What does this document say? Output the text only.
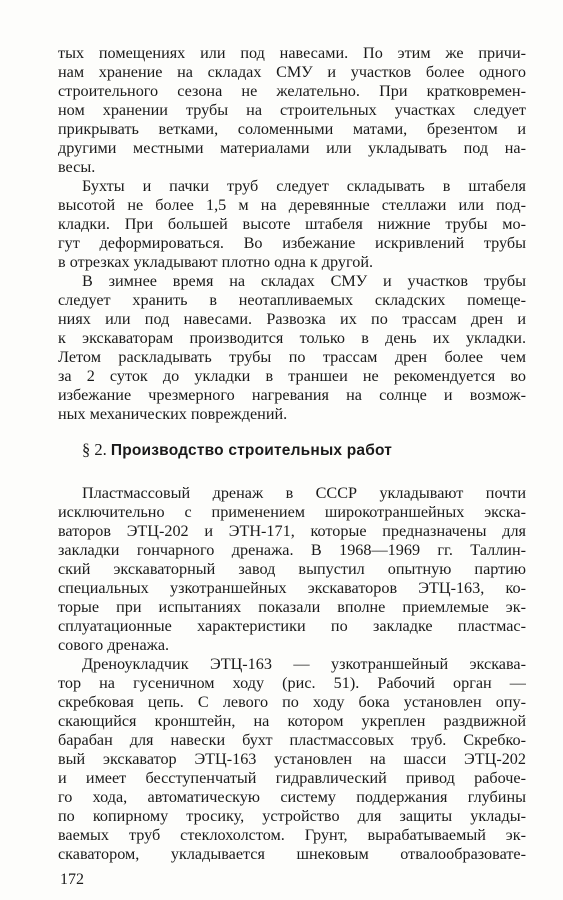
тых помещениях или под навесами. По этим же причи-
нам хранение на складах СМУ и участков более одного
строительного сезона не желательно. При кратковремен-
ном хранении трубы на строительных участках следует
прикрывать ветками, соломенными матами, брезентом и
другими местными материалами или укладывать под на-
весы.
Бухты и пачки труб следует складывать в штабеля
высотой не более 1,5 м на деревянные стеллажи или под-
кладки. При большей высоте штабеля нижние трубы мо-
гут деформироваться. Во избежание искривлений трубы
в отрезках укладывают плотно одна к другой.
В зимнее время на складах СМУ и участков трубы
следует хранить в неотапливаемых складских помеще-
ниях или под навесами. Развозка их по трассам дрен и
к экскаваторам производится только в день их укладки.
Летом раскладывать трубы по трассам дрен более чем
за 2 суток до укладки в траншеи не рекомендуется во
избежание чрезмерного нагревания на солнце и возмож-
ных механических повреждений.
§ 2. Производство строительных работ
Пластмассовый дренаж в СССР укладывают почти
исключительно с применением широкотраншейных экска-
ваторов ЭТЦ-202 и ЭТН-171, которые предназначены для
закладки гончарного дренажа. В 1968—1969 гг. Таллин-
ский экскаваторный завод выпустил опытную партию
специальных узкотраншейных экскаваторов ЭТЦ-163, ко-
торые при испытаниях показали вполне приемлемые эк-
сплуатационные характеристики по закладке пластмас-
сового дренажа.
Дреноукладчик ЭТЦ-163 — узкотраншейный экскава-
тор на гусеничном ходу (рис. 51). Рабочий орган —
скребковая цепь. С левого по ходу бока установлен опу-
скающийся кронштейн, на котором укреплен раздвижной
барабан для навески бухт пластмассовых труб. Скребко-
вый экскаватор ЭТЦ-163 установлен на шасси ЭТЦ-202
и имеет бесступенчатый гидравлический привод рабоче-
го хода, автоматическую систему поддержания глубины
по копирному тросику, устройство для защиты уклады-
ваемых труб стеклохолстом. Грунт, вырабатываемый эк-
скаватором, укладывается шнековым отвалообразовате-
172
